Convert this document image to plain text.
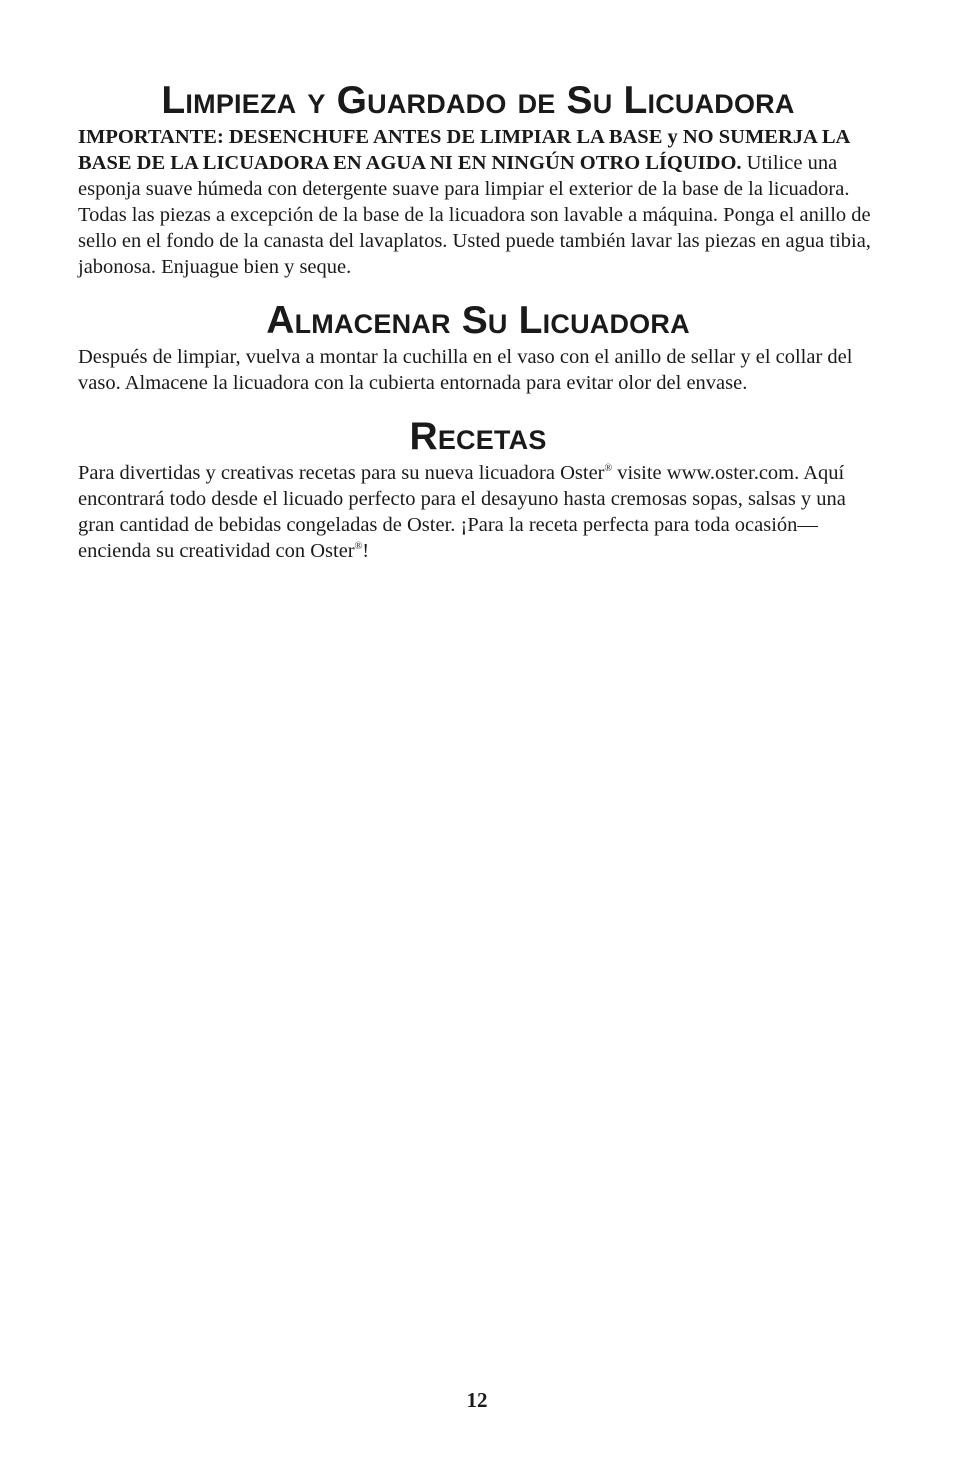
Limpieza y Guardado de Su Licuadora

IMPORTANTE: DESENCHUFE ANTES DE LIMPIAR LA BASE y NO SUMERJA LA BASE DE LA LICUADORA EN AGUA NI EN NINGÚN OTRO LÍQUIDO. Utilice una esponja suave húmeda con detergente suave para limpiar el exterior de la base de la licuadora. Todas las piezas a excepción de la base de la licuadora son lavable a máquina. Ponga el anillo de sello en el fondo de la canasta del lavaplatos. Usted puede también lavar las piezas en agua tibia, jabonosa. Enjuague bien y seque.

Almacenar Su Licuadora

Después de limpiar, vuelva a montar la cuchilla en el vaso con el anillo de sellar y el collar del vaso. Almacene la licuadora con la cubierta entornada para evitar olor del envase.

Recetas

Para divertidas y creativas recetas para su nueva licuadora Oster® visite www.oster.com. Aquí encontrará todo desde el licuado perfecto para el desayuno hasta cremosas sopas, salsas y una gran cantidad de bebidas congeladas de Oster. ¡Para la receta perfecta para toda ocasión—encienda su creatividad con Oster®!

12
